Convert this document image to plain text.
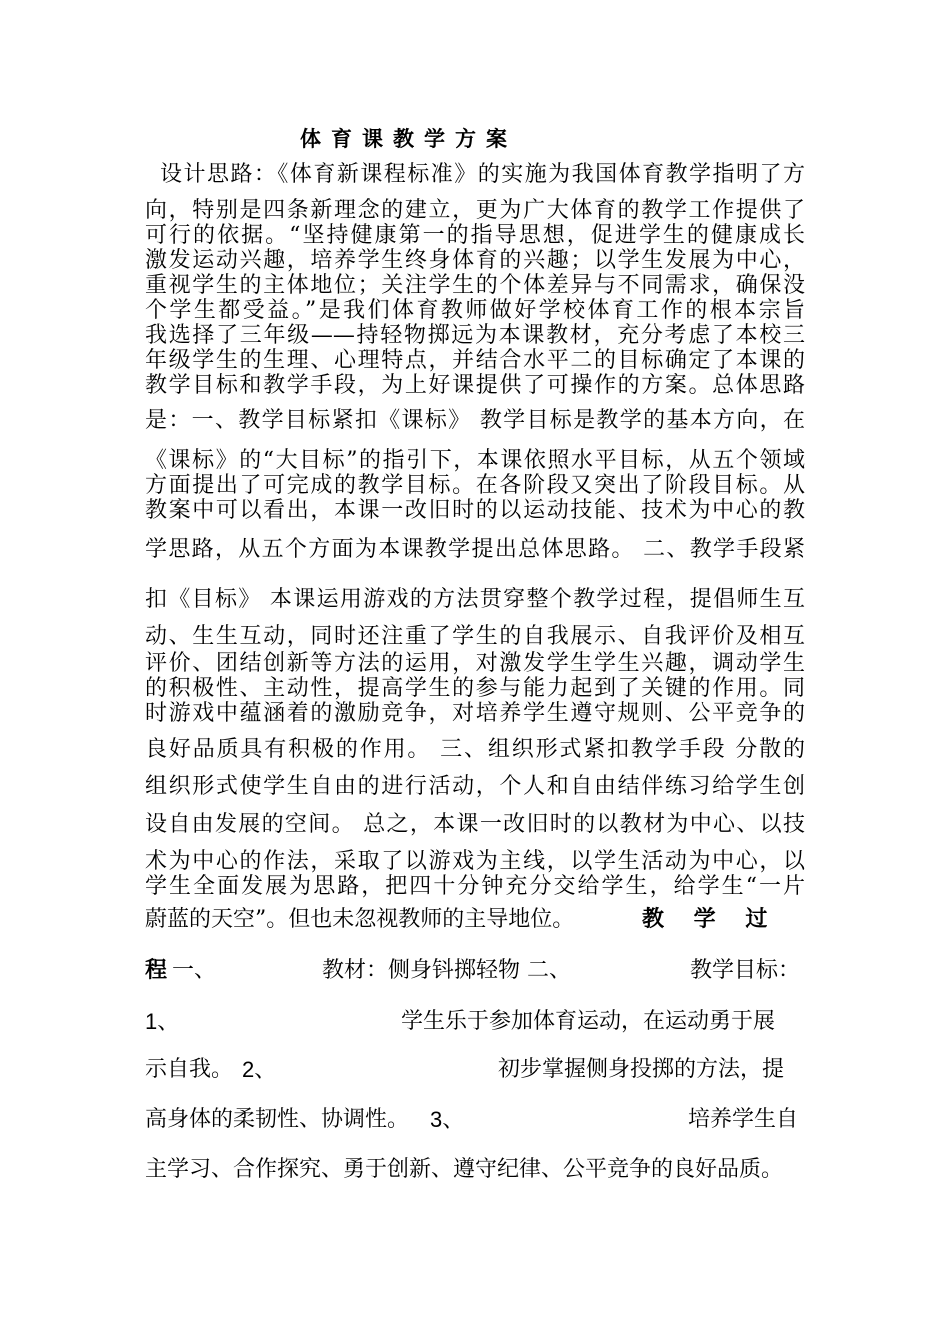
体育课教学方案
设计思路：《体育新课程标准》的实施为我国体育教学指明了方
向，特别是四条新理念的建立，更为广大体育的教学工作提供了
可行的依据。“坚持健康第一的指导思想，促进学生的健康成长
激发运动兴趣，培养学生终身体育的兴趣；以学生发展为中心，
重视学生的主体地位；关注学生的个体差异与不同需求，确保没
个学生都受益。”是我们体育教师做好学校体育工作的根本宗旨
我选择了三年级——持轻物掷远为本课教材，充分考虑了本校三
年级学生的生理、心理特点，并结合水平二的目标确定了本课的
教学目标和教学手段，为上好课提供了可操作的方案。总体思路
是：一、教学目标紧扣《课标》 教学目标是教学的基本方向，在
《课标》的“大目标”的指引下，本课依照水平目标，从五个领域
方面提出了可完成的教学目标。在各阶段又突出了阶段目标。从
教案中可以看出，本课一改旧时的以运动技能、技术为中心的教
学思路，从五个方面为本课教学提出总体思路。 二、教学手段紧
扣《目标》 本课运用游戏的方法贯穿整个教学过程，提倡师生互
动、生生互动，同时还注重了学生的自我展示、自我评价及相互
评价、团结创新等方法的运用，对激发学生学生兴趣，调动学生
的积极性、主动性，提高学生的参与能力起到了关键的作用。同
时游戏中蕴涵着的激励竞争，对培养学生遵守规则、公平竞争的
良好品质具有积极的作用。 三、组织形式紧扣教学手段 分散的
组织形式使学生自由的进行活动，个人和自由结伴练习给学生创
设自由发展的空间。 总之，本课一改旧时的以教材为中心、以技
术为中心的作法，采取了以游戏为主线，以学生活动为中心，以
学生全面发展为思路，把四十分钟充分交给学生，给学生“一片
蔚蓝的天空”。但也未忽视教师的主导地位。	教 学 过
程 一、	教材：侧身钭掷轻物 二、	教学目标：
1、	学生乐于参加体育运动，在运动勇于展
示自我。 2、	初步掌握侧身投掷的方法，提
高身体的柔韧性、协调性。 3、	培养学生自
主学习、合作探究、勇于创新、遵守纪律、公平竞争的良好品质。
